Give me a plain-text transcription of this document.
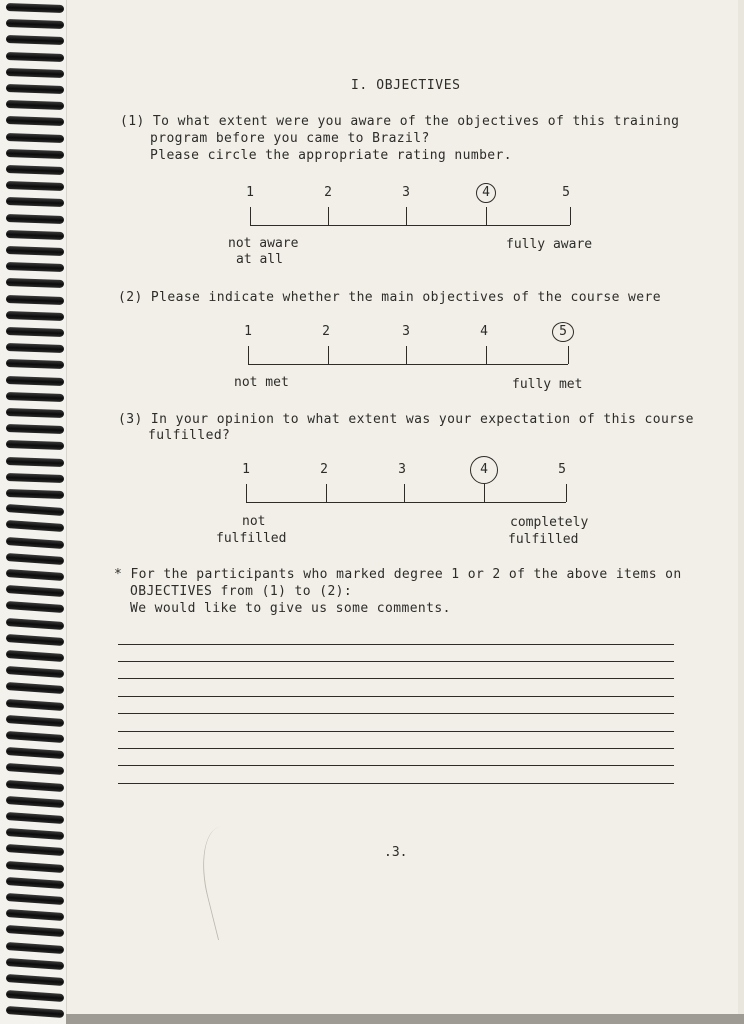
I. OBJECTIVES
(1) To what extent were you aware of the objectives of this training
program before you came to Brazil?
Please circle the appropriate rating number.
1	2	3	4	5
not aware
at all
fully aware
(2) Please indicate whether the main objectives of the course were
1	2	3	4	5
not met	fully met
(3) In your opinion to what extent was your expectation of this course
fulfilled?
1	2	3	4	5
not
fulfilled
completely
fulfilled
* For the participants who marked degree 1 or 2 of the above items on
OBJECTIVES from (1) to (2):
We would like to give us some comments.
.3.
